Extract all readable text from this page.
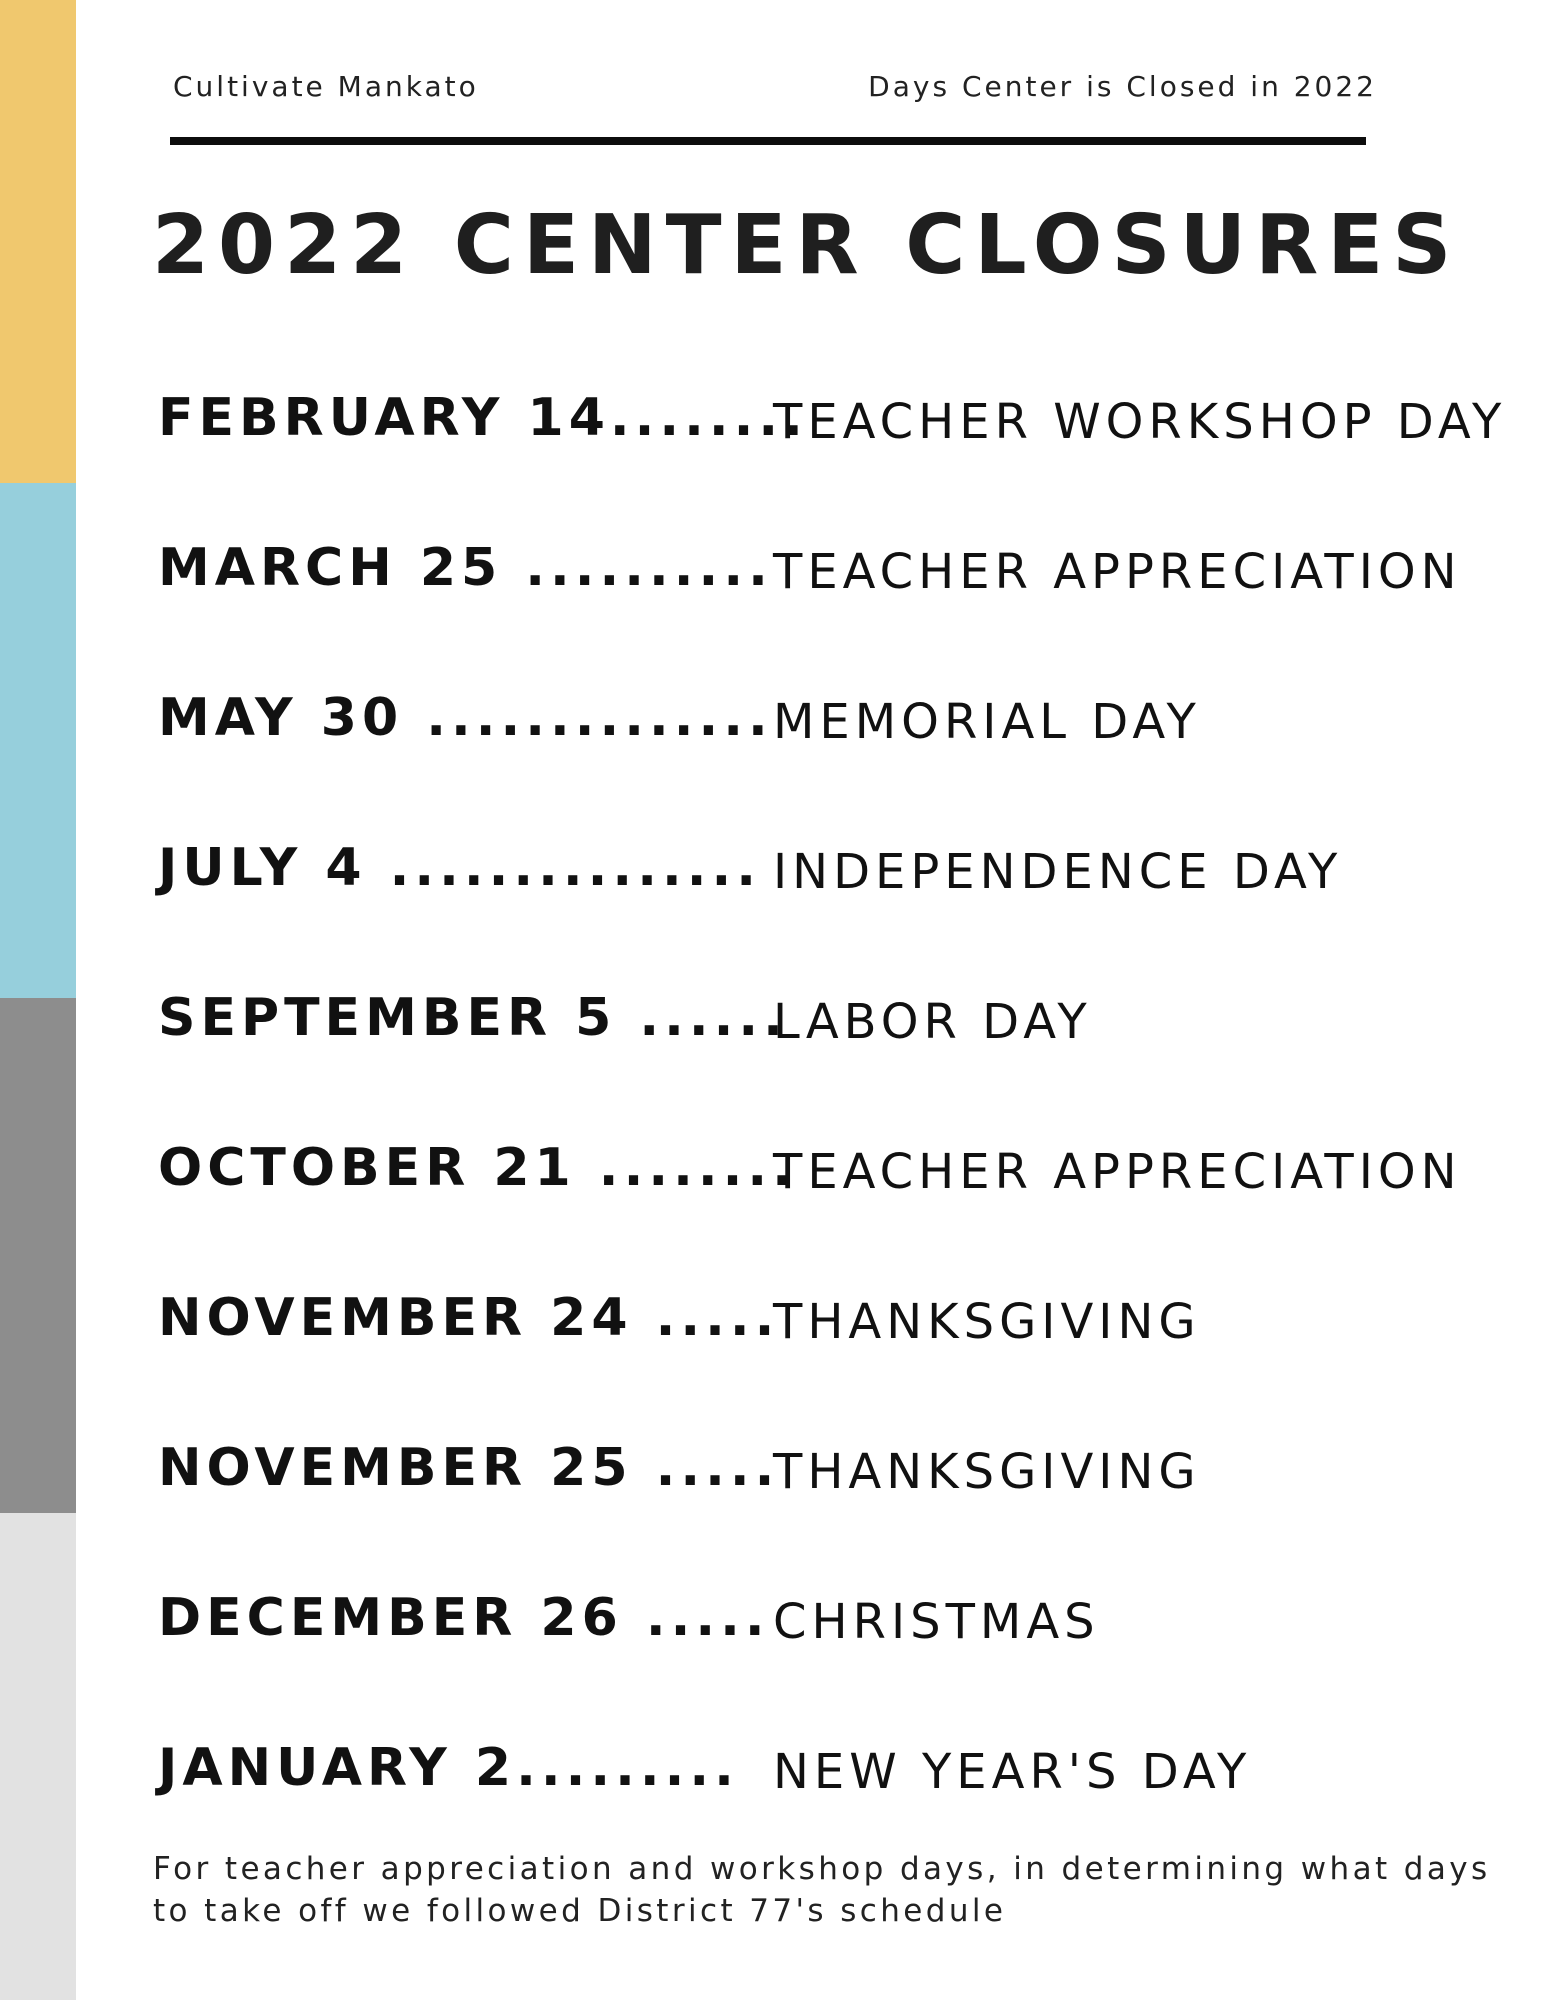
Cultivate Mankato	Days Center is Closed in 2022
2022 CENTER CLOSURES
FEBRUARY 14........
TEACHER WORKSHOP DAY
MARCH 25 .......... TEACHER APPRECIATION
MAY 30 .............. MEMORIAL DAY
JULY 4 ............... INDEPENDENCE DAY
SEPTEMBER 5 ......
LABOR DAY
OCTOBER 21 ........
TEACHER APPRECIATION
NOVEMBER 24 .....
THANKSGIVING
NOVEMBER 25 .....
THANKSGIVING
DECEMBER 26 ..... CHRISTMAS
JANUARY 2......... NEW YEAR'S DAY
For teacher appreciation and workshop days, in determining what days to take off we followed District 77's schedule
